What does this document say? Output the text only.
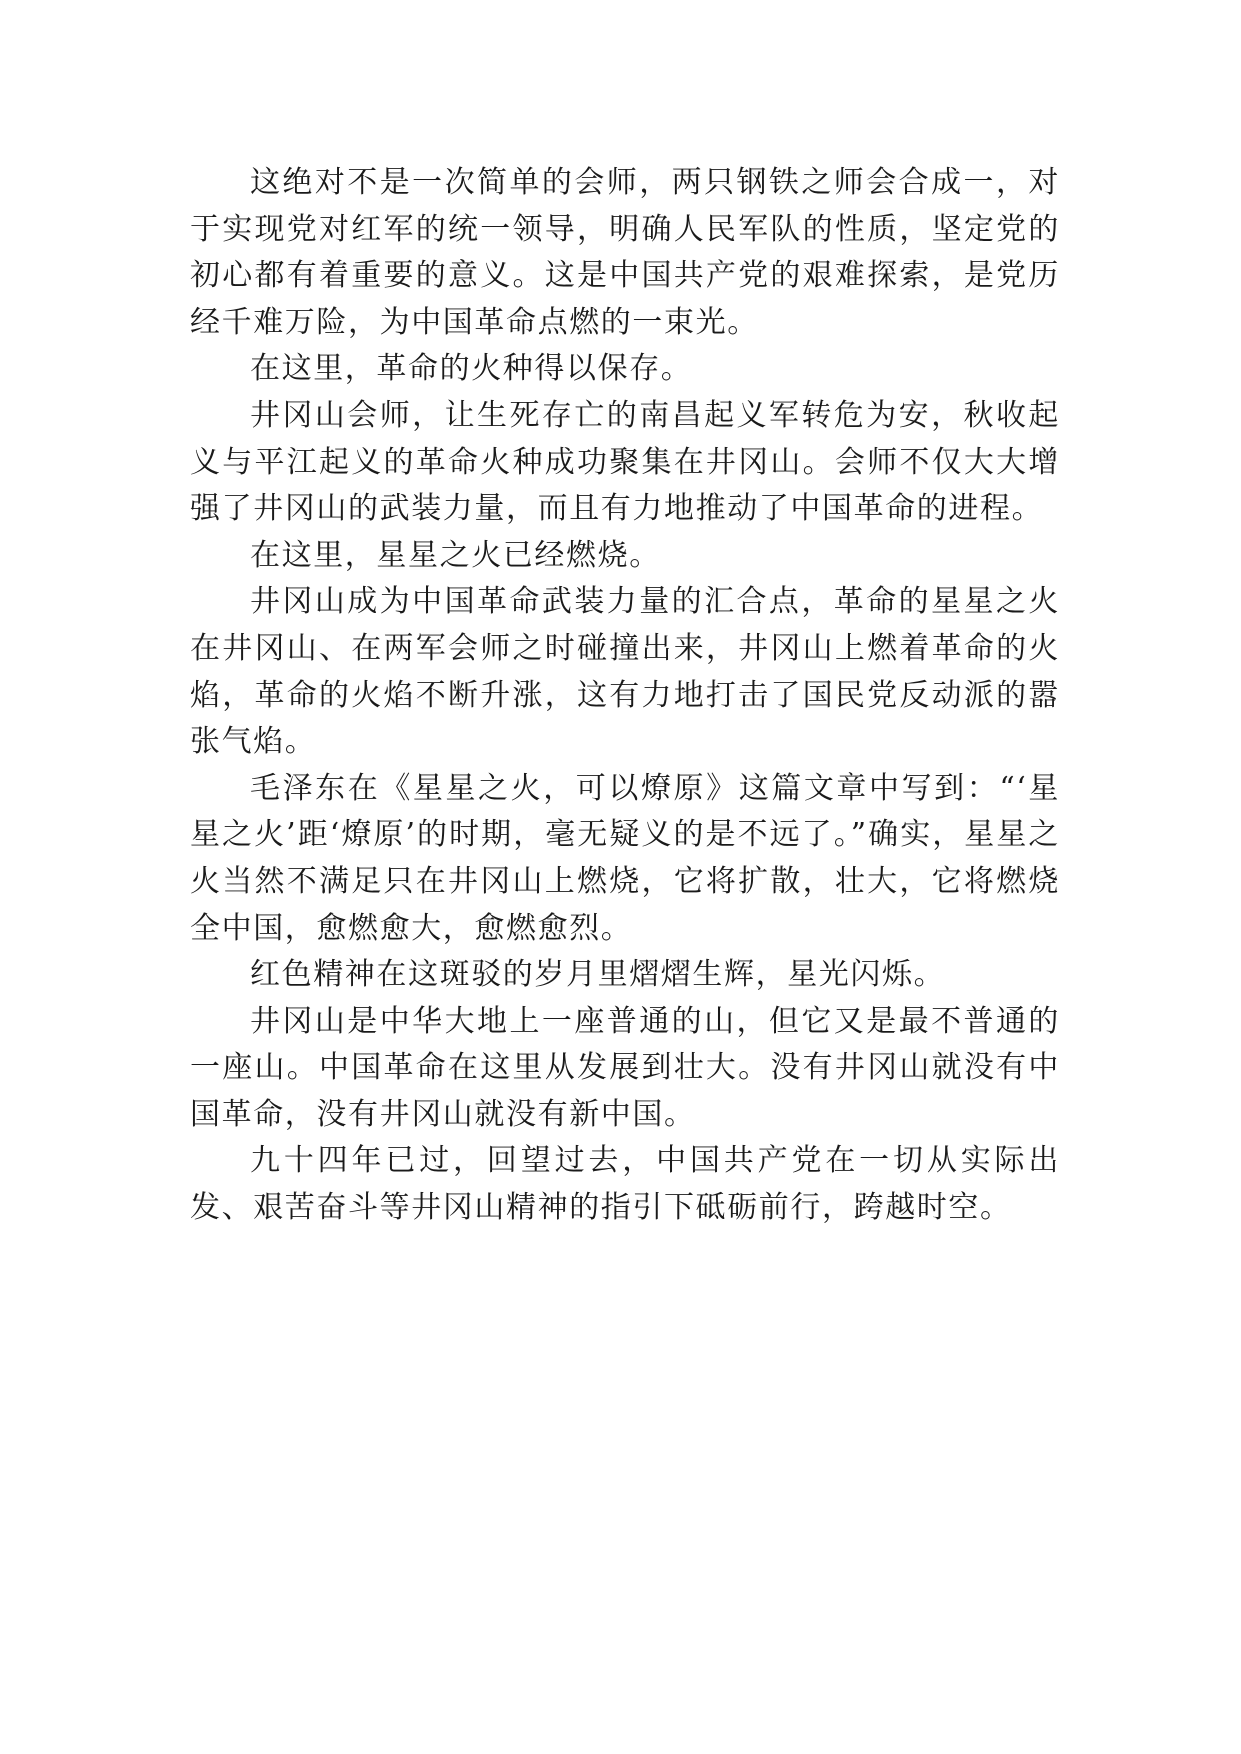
这绝对不是一次简单的会师，两只钢铁之师会合成一，对于实现党对红军的统一领导，明确人民军队的性质，坚定党的初心都有着重要的意义。这是中国共产党的艰难探索，是党历经千难万险，为中国革命点燃的一束光。

在这里，革命的火种得以保存。

井冈山会师，让生死存亡的南昌起义军转危为安，秋收起义与平江起义的革命火种成功聚集在井冈山。会师不仅大大增强了井冈山的武装力量，而且有力地推动了中国革命的进程。

在这里，星星之火已经燃烧。

井冈山成为中国革命武装力量的汇合点，革命的星星之火在井冈山、在两军会师之时碰撞出来，井冈山上燃着革命的火焰，革命的火焰不断升涨，这有力地打击了国民党反动派的嚣张气焰。

毛泽东在《星星之火，可以燎原》这篇文章中写到：“‘星星之火’距‘燎原’的时期，毫无疑义的是不远了。”确实，星星之火当然不满足只在井冈山上燃烧，它将扩散，壮大，它将燃烧全中国，愈燃愈大，愈燃愈烈。

红色精神在这斑驳的岁月里熠熠生辉，星光闪烁。

井冈山是中华大地上一座普通的山，但它又是最不普通的一座山。中国革命在这里从发展到壮大。没有井冈山就没有中国革命，没有井冈山就没有新中国。

九十四年已过，回望过去，中国共产党在一切从实际出发、艰苦奋斗等井冈山精神的指引下砥砺前行，跨越时空。
